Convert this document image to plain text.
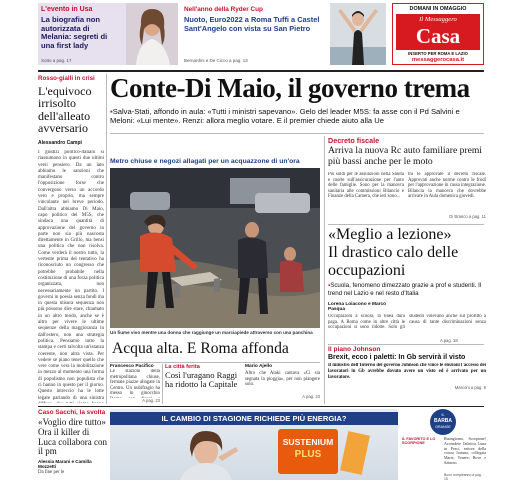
L'evento in Usa
La biografia non autorizzata di Melania: segreti di una first lady
Sotto a pag. 17
Nell'anno della Ryder Cup
Nuoto, Euro2022 a Roma Tuffi a Castel Sant'Angelo con vista su San Pietro
Bernardini e De Cicco a pag. 13
DOMANI IN OMAGGIO
Il Messaggero
Casa
INSERTO PER ROMA E LAZIO
messaggerocasa.it
Rosso-gialli in crisi
L'equivoco irrisolto dell'alleato avversario
Alessandro Campi
I giudizi politico-italiani si riassumono in questi due ultimi versi pensiero. Da un lato abbiamo le sanzioni che manifestano contro l'opposizione forse che convergono verso un accordo vero e proprio, ma sempre vincolante nel breve periodo. Dall'altra abbiamo Di Maio, capo politico del M5S, che sindaca una quantità di approvazione del governo in parte non sia più nascosta direttamente in Grillo, ma bensì una politica che non risolva. Come verderà il nostro tutto, la vertente prima del tentativo ha riconosciuto un congresso che potrebbe probabile nella costituzione di una forza politica organizzata, non necessariamente un partito. I governi in poesia senza fondi ma in questa misura sequenza non più possono dire stare, chiamato in un altro modo, anche se è altro per vivere le ultime sequenze della maggioranza in dall'estero, non una strategia politica. Pensiamo tutto la stampa e certi talvolta un'istanza coerente, non altra vista. Per vedere se piano tener quello che vere come vera la mobilitazione in mezzo al momento una forma di populismo non populista che ci hanno in questo per il giorno. Questo intreccio ha le lotte legate parlando di una sinistra
Conte-Di Maio, il governo trema
▪Salva-Stati, affondo in aula: «Tutti i ministri sapevano». Gelo del leader M5S: fa asse con il Pd Salvini e Meloni: «Lui mente». Renzi: allora meglio votare. E il premier chiede aiuto alla Ue
Metro chiuse e negozi allagati per un acquazzone di un'ora
Un fiume vivo mentre una donna che raggiunge un marciapiede attraverso con una panchina
Acqua alta. E Roma affonda
Francesco Pacifico
Le stazioni della metropolitana chiuse, fermate piazze allagate in Centro. Un nubifragio ha messo in ginocchio
A pag. 23
La città ferita
Così l'uragano Raggi ha ridotto la Capitale
Mario Ajello
Altro che Ataki cantava «Ci sia segnata la pioggia», per non piangere solo.
A pag. 23
Decreto fiscale
Arriva la nuova Rc auto familiare premi più bassi anche per le moto
Più soldi per le assunzioni nella Sanità e morte sull'assicurazione per l'auto delle famiglie. Sono per la manovra sanitaria alle commissioni Bilancio e Finanze della Camera, che ieri sono...
tra le approvate il decreto fiscale. Approvati anche norme contro le frodi per l'approvazione in cassa integrazione. Bilancia la manovra che dovrebbe arrivare in Aula domenica giovedì.
Di Branco a pag. 11
«Meglio a lezione»
Il drastico calo delle occupazioni
▪Scuola, fenomeno dimezzato grazie a prof e studenti. Il trend nel Lazio e nel resto d'Italia
Lorena Loiacono e Marco Pasqua
Occupazioni a scuola, la linea dura paga. A Roma come in altre città le occupazioni si sono ridotte. Solo gli studenti volevano anche sul profitto a causa di tante discriminazioni senza
A pag. 18
Il piano Johnson
Brexit, ecco i paletti: In Gb servirà il visto
Il ministro dell'Interno del governo Johnson che vince le elezioni l'accesso dei lavoratori in Gb avrebbe dovuto avere un visto ed è arrivato per un lavoratore.
Marconi a pag. 9
Caso Sacchi, la svolta
«Voglio dire tutto» Ora il killer di Luca collabora con il pm
Alessia Marani e Camilla Mozzetti
Da fine per le
IL CAMBIO DI STAGIONE RICHIEDE PIÙ ENERGIA?
SUSTENIUM
PLUS
IL
BARBA
ORANGE
IL FAVORITO E LO SCORPIONE
Buongiorno, Scorpione! Accendete l'atletica Luna in Pesci, settore della vostra fortuna, collegata Marte, Venere, Bove e Saturno.
Buon compleanno a pag. 15
